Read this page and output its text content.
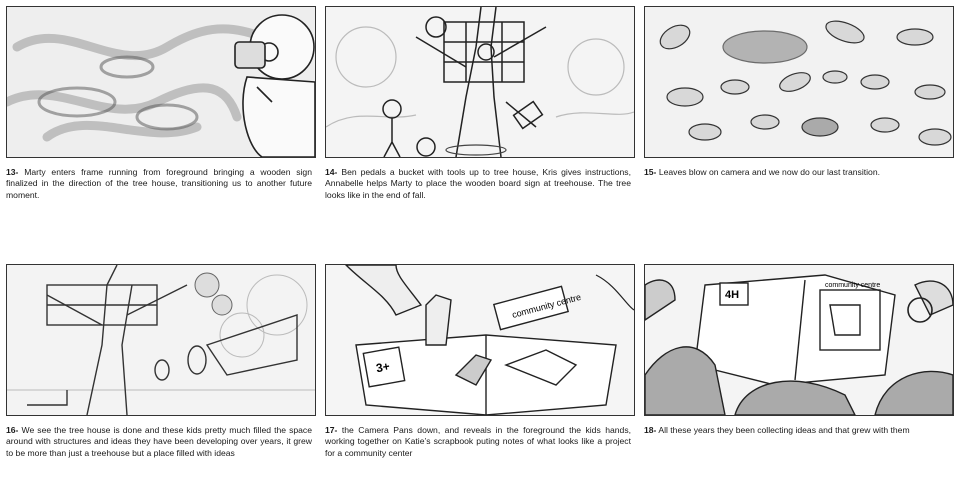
13- Marty enters frame running from foreground bringing a wooden sign finalized in the direction of the tree house, transitioning us to another future moment.
14- Ben pedals a bucket with tools up to tree house, Kris gives instructions, Annabelle helps Marty to place the wooden board sign at treehouse. The tree looks like in the end of fall.
15- Leaves blow on camera and we now do our last transition.
16- We see the tree house is done and these kids pretty much filled the space around with structures and ideas they have been developing over years, it grew to be more than just a treehouse but a place filled with ideas
community centre
3+
17- the Camera Pans down, and reveals in the foreground the kids hands, working together on Katie’s scrapbook puting notes of what looks like a project for a community center
4H
community centre
18- All these years they been collecting ideas and that grew with them
